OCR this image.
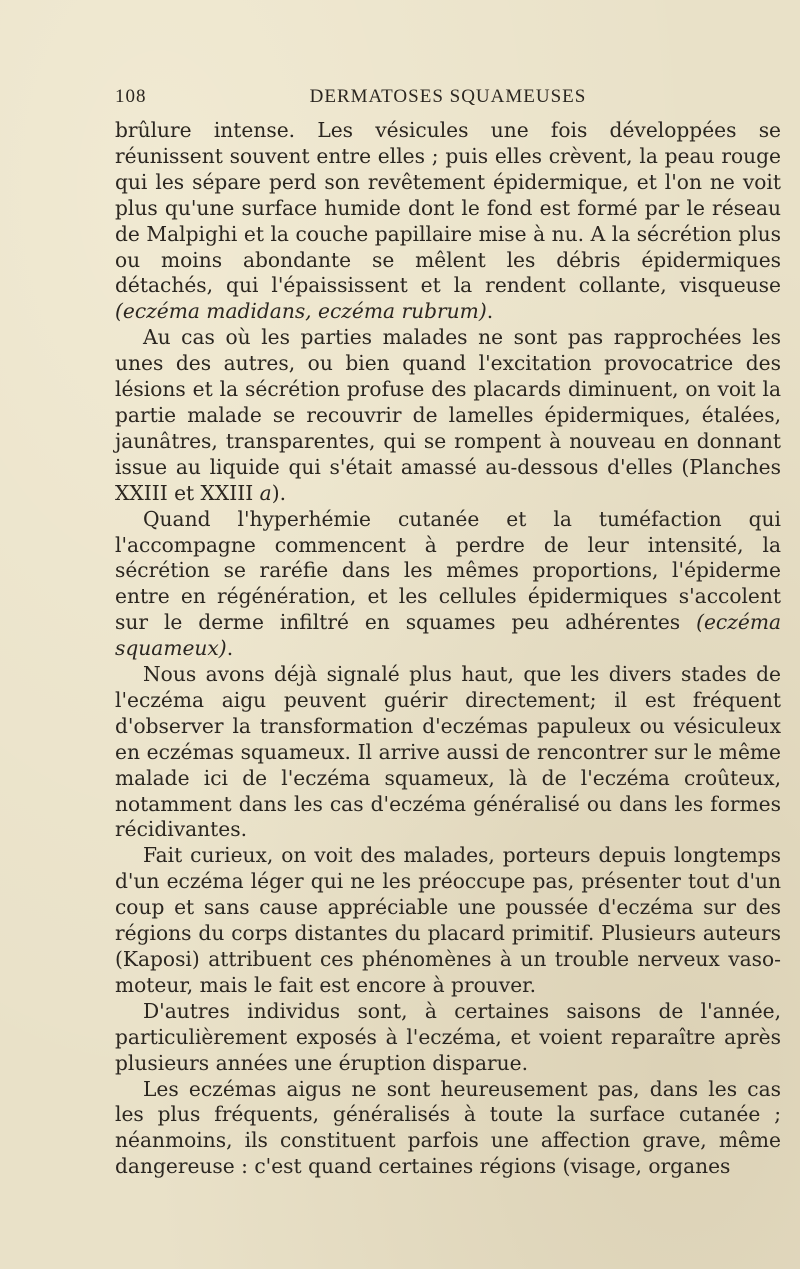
108	DERMATOSES SQUAMEUSES

brûlure intense. Les vésicules une fois développées se réunissent souvent entre elles ; puis elles crèvent, la peau rouge qui les sépare perd son revêtement épidermique, et l'on ne voit plus qu'une surface humide dont le fond est formé par le réseau de Malpighi et la couche papillaire mise à nu. A la sécrétion plus ou moins abondante se mêlent les débris épidermiques détachés, qui l'épaississent et la rendent collante, visqueuse (eczéma madidans, eczéma rubrum).

Au cas où les parties malades ne sont pas rapprochées les unes des autres, ou bien quand l'excitation provocatrice des lésions et la sécrétion profuse des placards diminuent, on voit la partie malade se recouvrir de lamelles épidermiques, étalées, jaunâtres, transparentes, qui se rompent à nouveau en donnant issue au liquide qui s'était amassé au-dessous d'elles (Planches XXIII et XXIII a).

Quand l'hyperhémie cutanée et la tuméfaction qui l'accompagne commencent à perdre de leur intensité, la sécrétion se raréfie dans les mêmes proportions, l'épiderme entre en régénération, et les cellules épidermiques s'accolent sur le derme infiltré en squames peu adhérentes (eczéma squameux).

Nous avons déjà signalé plus haut, que les divers stades de l'eczéma aigu peuvent guérir directement; il est fréquent d'observer la transformation d'eczémas papuleux ou vésiculeux en eczémas squameux. Il arrive aussi de rencontrer sur le même malade ici de l'eczéma squameux, là de l'eczéma croûteux, notamment dans les cas d'eczéma généralisé ou dans les formes récidivantes.

Fait curieux, on voit des malades, porteurs depuis longtemps d'un eczéma léger qui ne les préoccupe pas, présenter tout d'un coup et sans cause appréciable une poussée d'eczéma sur des régions du corps distantes du placard primitif. Plusieurs auteurs (Kaposi) attribuent ces phénomènes à un trouble nerveux vaso-moteur, mais le fait est encore à prouver.

D'autres individus sont, à certaines saisons de l'année, particulièrement exposés à l'eczéma, et voient reparaître après plusieurs années une éruption disparue.

Les eczémas aigus ne sont heureusement pas, dans les cas les plus fréquents, généralisés à toute la surface cutanée ; néanmoins, ils constituent parfois une affection grave, même dangereuse : c'est quand certaines régions (visage, organes
